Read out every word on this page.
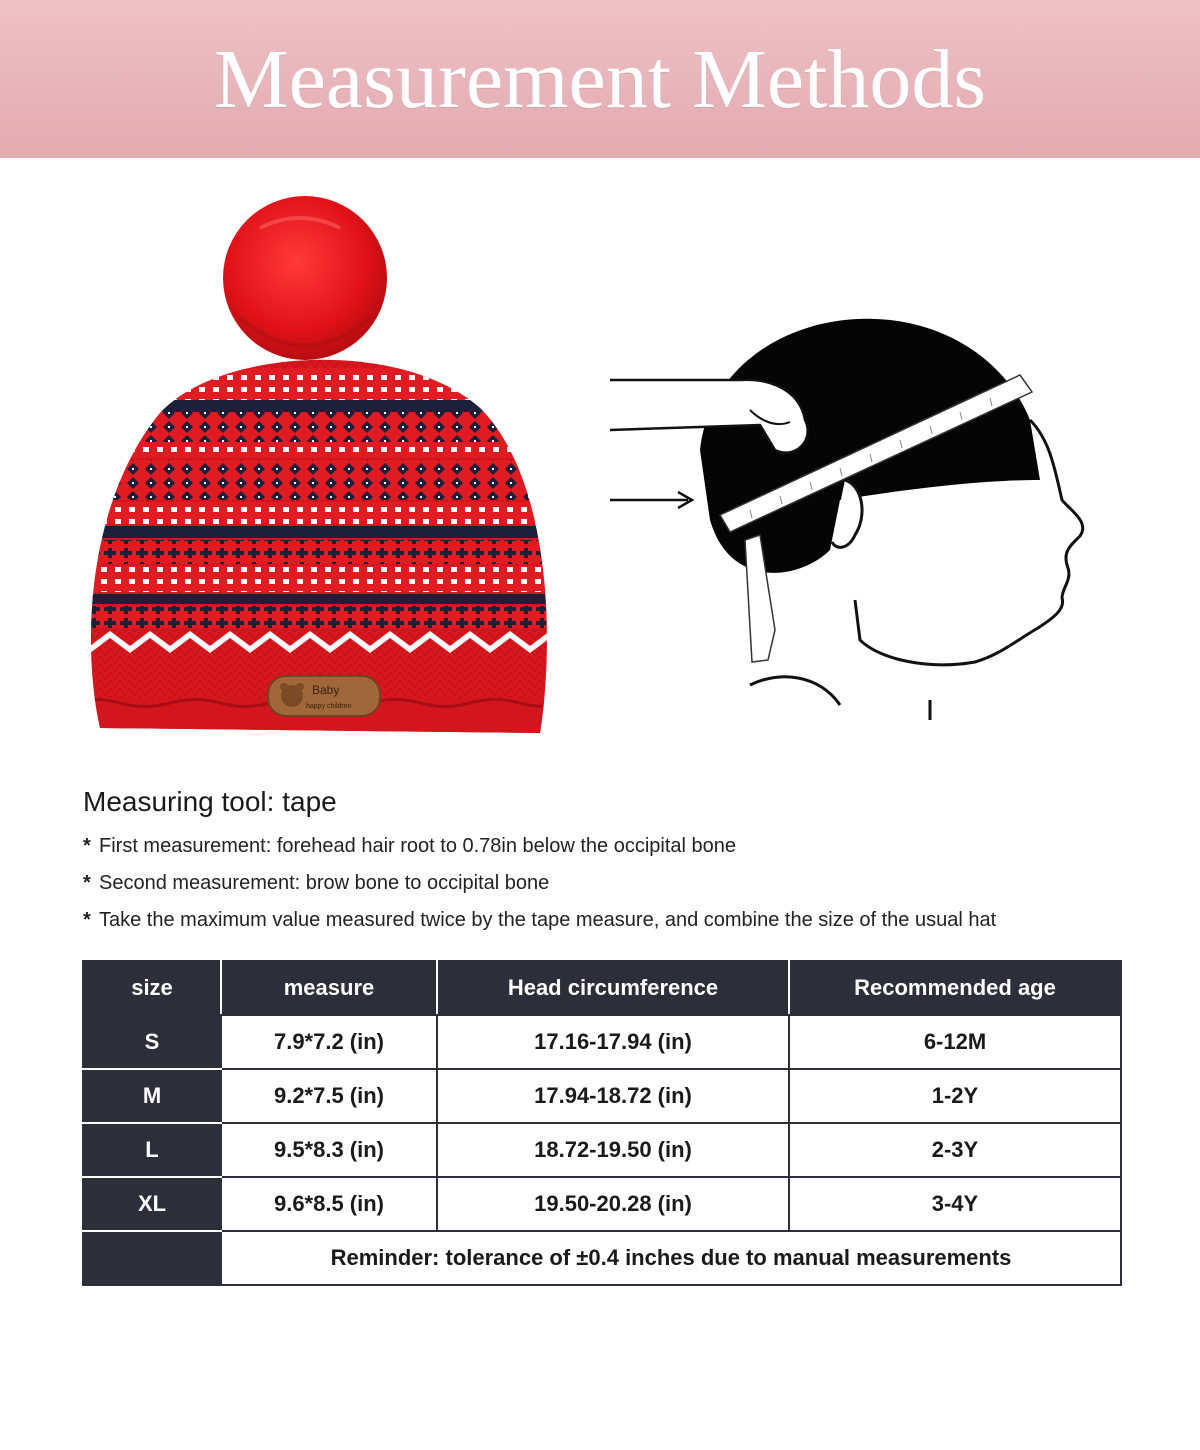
Measurement Methods
Baby
happy children
Measuring tool: tape
* First measurement: forehead hair root to 0.78in below the occipital bone
* Second measurement: brow bone to occipital bone
* Take the maximum value measured twice by the tape measure, and combine the size of the usual hat
size	measure	Head circumference	Recommended age
S	7.9*7.2 (in)	17.16-17.94 (in)	6-12M
M	9.2*7.5 (in)	17.94-18.72 (in)	1-2Y
L	9.5*8.3 (in)	18.72-19.50 (in)	2-3Y
XL	9.6*8.5 (in)	19.50-20.28 (in)	3-4Y
	Reminder: tolerance of ±0.4 inches due to manual measurements		
